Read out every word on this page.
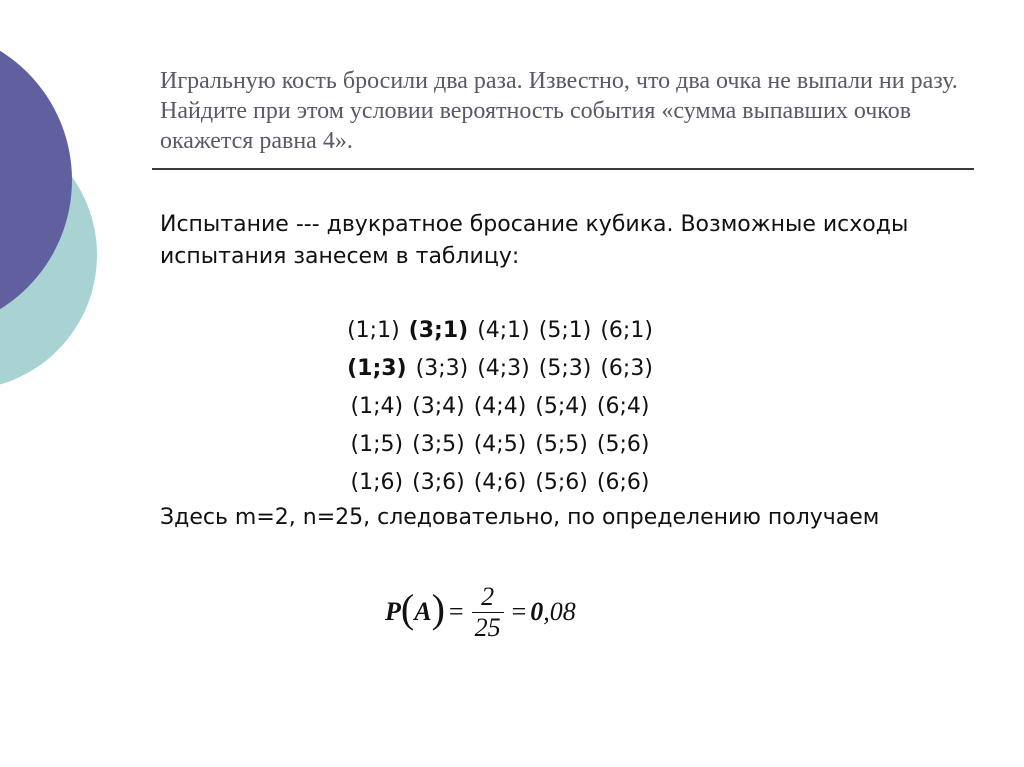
Игральную кость бросили два раза. Известно, что два очка не выпали ни разу. Найдите при этом условии вероятность события «сумма выпавших очков окажется равна 4».

Испытание --- двукратное бросание кубика. Возможные исходы испытания занесем в таблицу:

(1;1) (3;1) (4;1) (5;1) (6;1)
(1;3) (3;3) (4;3) (5;3) (6;3)
(1;4) (3;4) (4;4) (5;4) (6;4)
(1;5) (3;5) (4;5) (5;5) (5;6)
(1;6) (3;6) (4;6) (5;6) (6;6)

Здесь m=2, n=25, следовательно, по определению получаем

P ( A ) = $\frac{2}{25} = 0$ ,08
